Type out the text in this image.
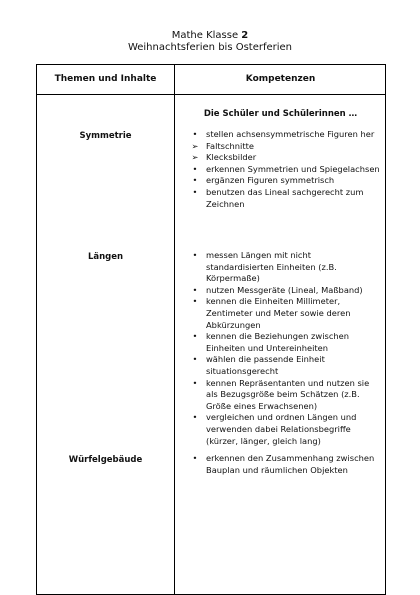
Mathe Klasse 2
Weihnachtsferien bis Osterferien
Themen und Inhalte	Kompetenzen
Die Schüler und Schülerinnen …
Symmetrie	•	stellen achsensymmetrische Figuren her
➢ Faltschnitte
➢ Klecksbilder
•	erkennen Symmetrien und Spiegelachsen
•	ergänzen Figuren symmetrisch
•	benutzen das Lineal sachgerecht zum Zeichnen
Längen	•	messen Längen mit nicht standardisierten Einheiten (z.B. Körpermaße)
•	nutzen Messgeräte (Lineal, Maßband)
•	kennen die Einheiten Millimeter, Zentimeter und Meter sowie deren Abkürzungen
•	kennen die Beziehungen zwischen Einheiten und Untereinheiten
•	wählen die passende Einheit situationsgerecht
•	kennen Repräsentanten und nutzen sie als Bezugsgröße beim Schätzen (z.B. Größe eines Erwachsenen)
•	vergleichen und ordnen Längen und verwenden dabei Relationsbegriffe (kürzer, länger, gleich lang)
Würfelgebäude	•	erkennen den Zusammenhang zwischen Bauplan und räumlichen Objekten
